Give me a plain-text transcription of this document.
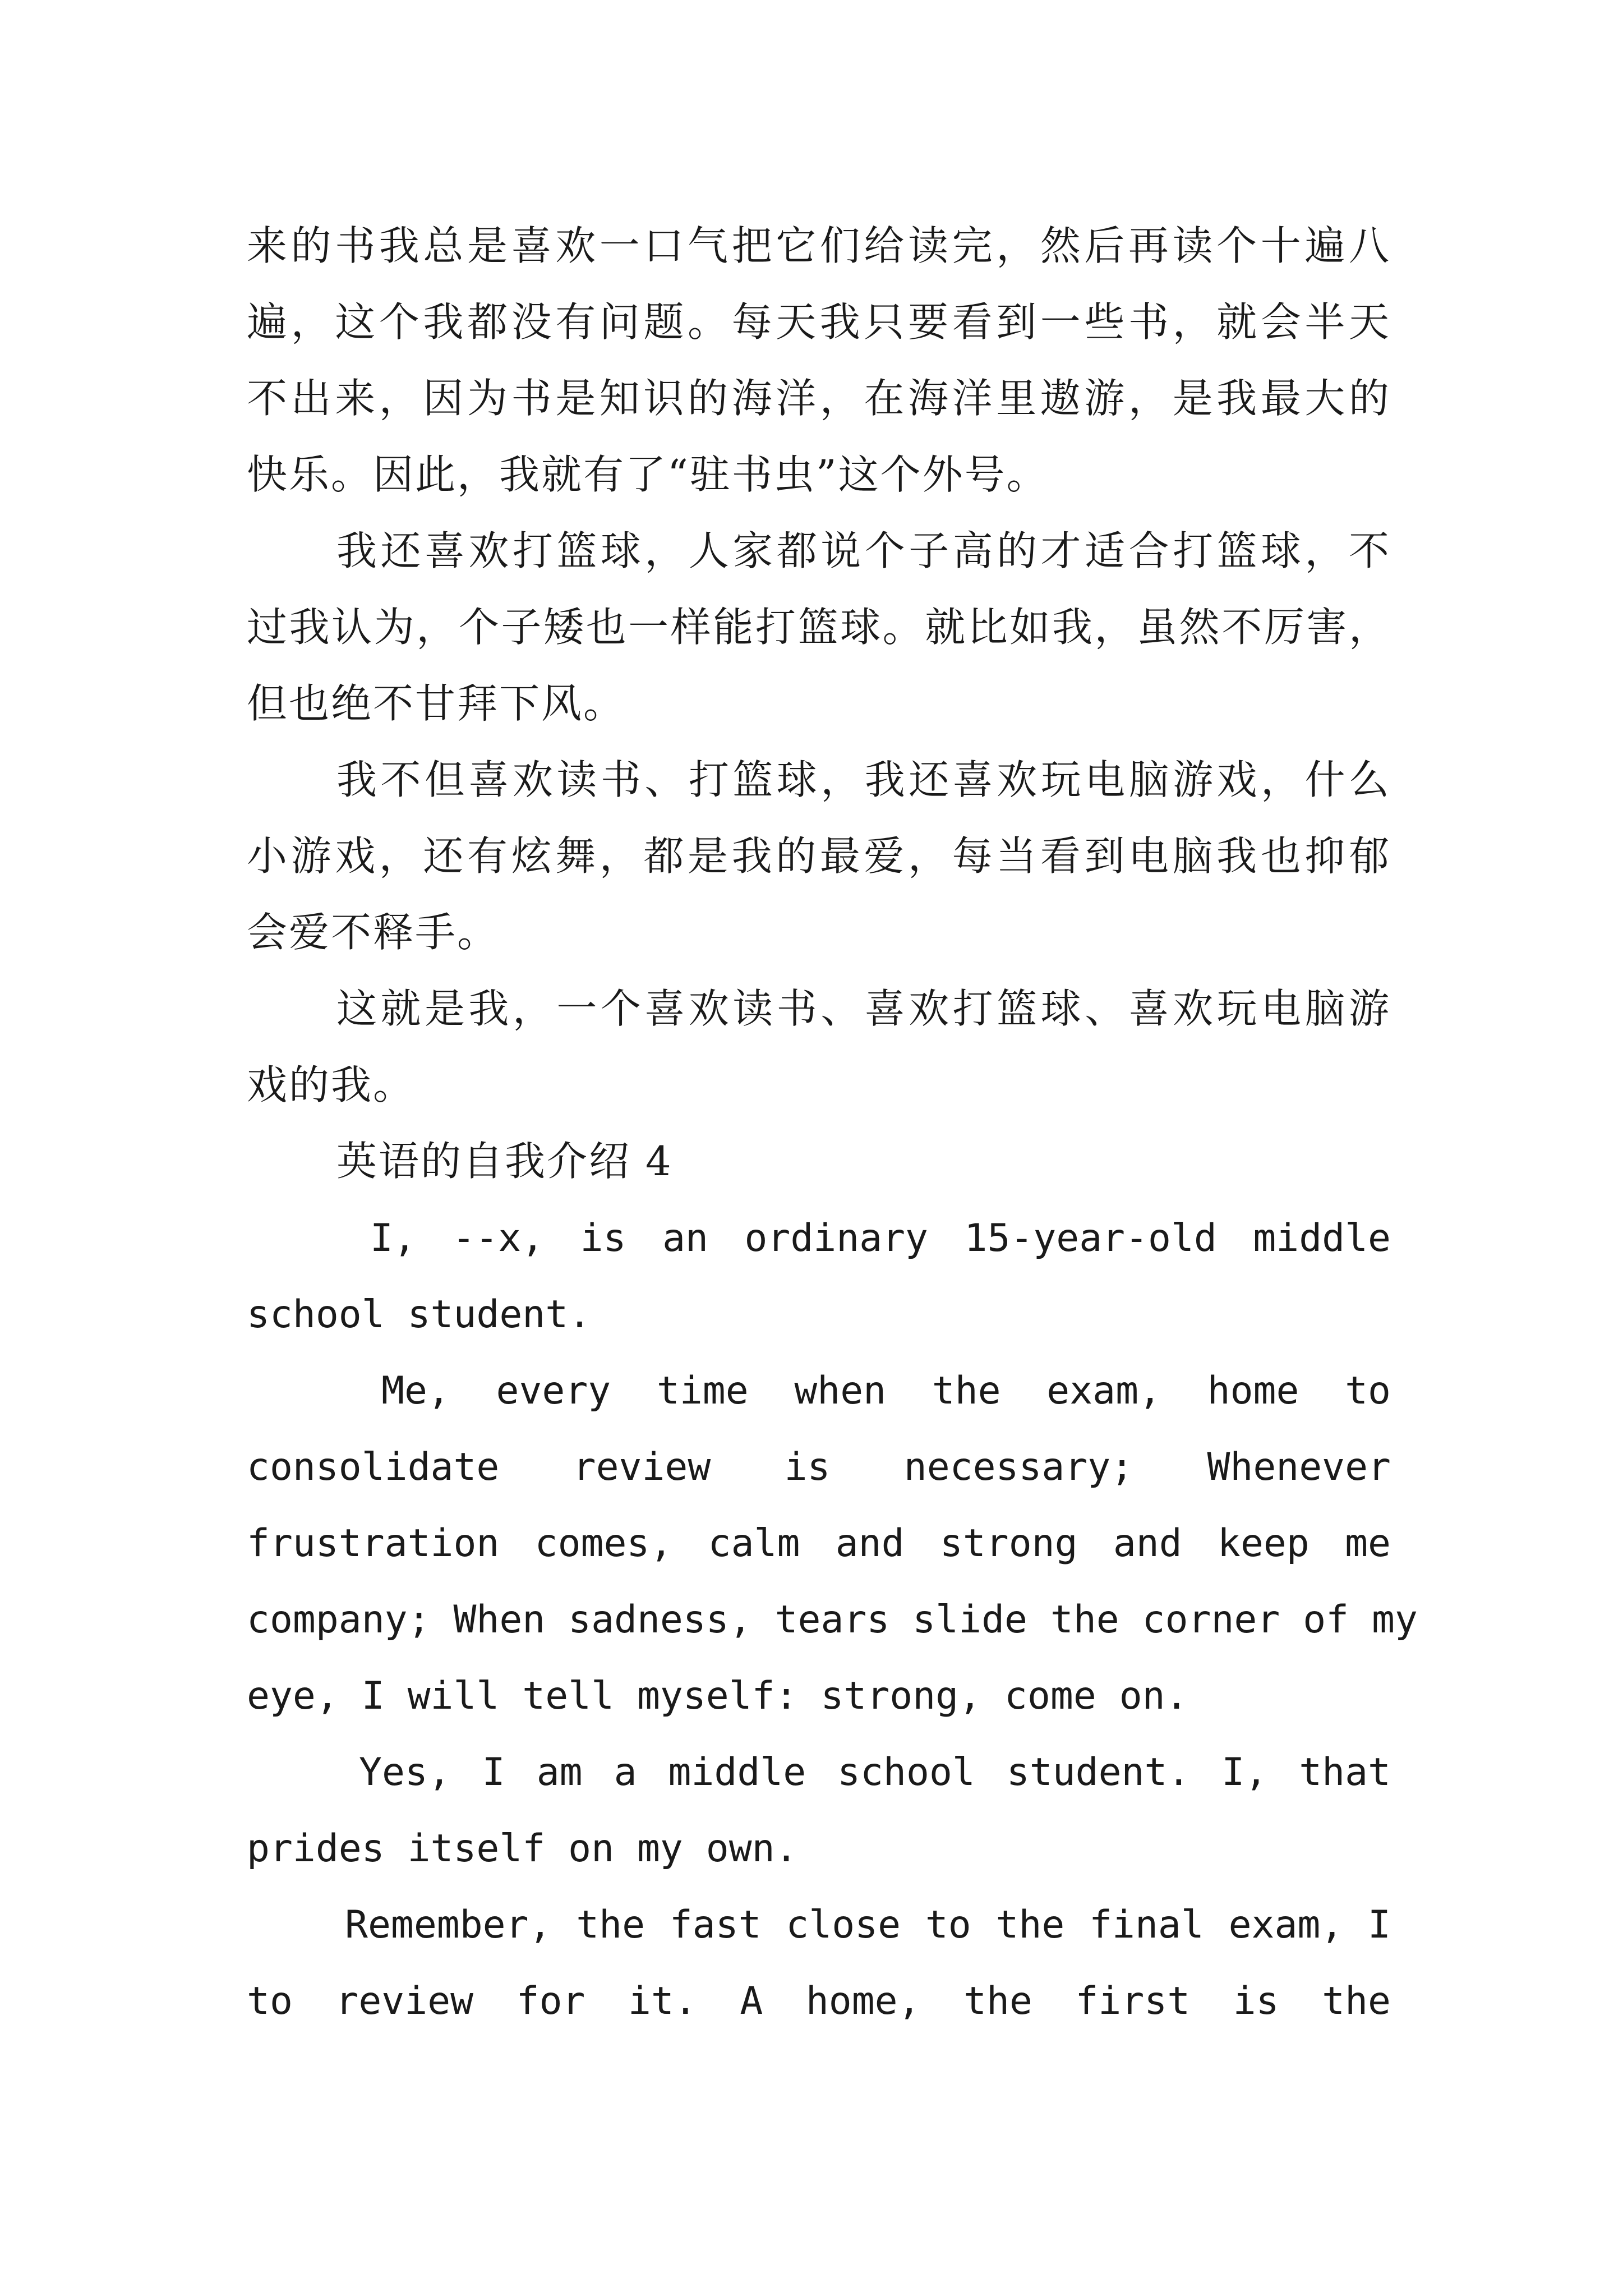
来的书我总是喜欢一口气把它们给读完，然后再读个十遍八
遍，这个我都没有问题。每天我只要看到一些书，就会半天
不出来，因为书是知识的海洋，在海洋里遨游，是我最大的
快乐。因此，我就有了“驻书虫”这个外号。
我还喜欢打篮球，人家都说个子高的才适合打篮球，不
过我认为，个子矮也一样能打篮球。就比如我，虽然不厉害，
但也绝不甘拜下风。
我不但喜欢读书、打篮球，我还喜欢玩电脑游戏，什么
小游戏，还有炫舞，都是我的最爱，每当看到电脑我也抑郁
会爱不释手。
这就是我，一个喜欢读书、喜欢打篮球、喜欢玩电脑游
戏的我。
英语的自我介绍 4
I, --x, is an ordinary 15-year-old middle
school student.
Me, every time when the exam, home to
consolidate review is necessary; Whenever
frustration comes, calm and strong and keep me
company; When sadness, tears slide the corner of my
eye, I will tell myself: strong, come on.
Yes, I am a middle school student. I, that
prides itself on my own.
Remember, the fast close to the final exam, I
to review for it. A home, the first is the
